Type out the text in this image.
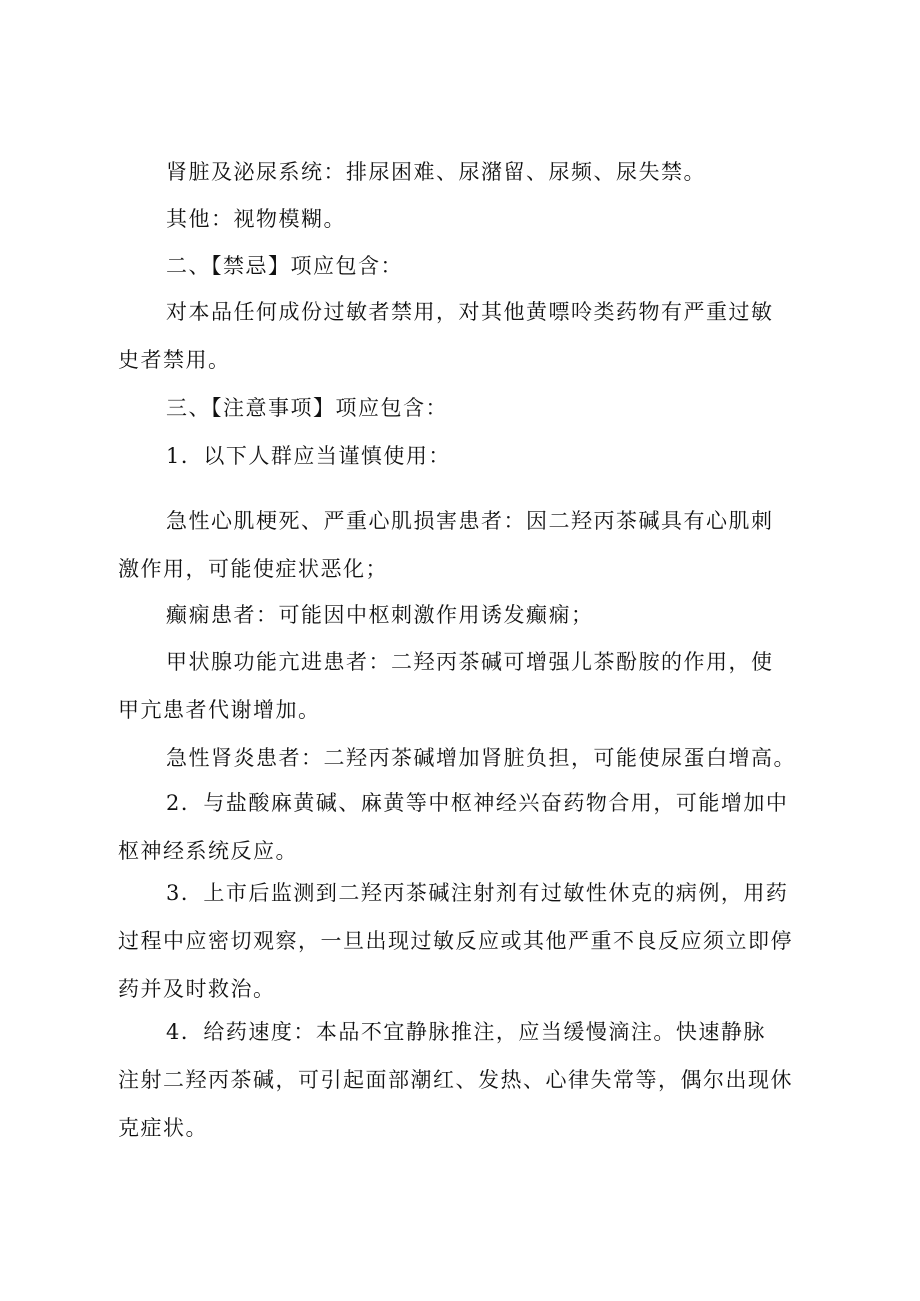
肾脏及泌尿系统：排尿困难、尿潴留、尿频、尿失禁。

其他：视物模糊。

二、【禁忌】项应包含：

对本品任何成份过敏者禁用，对其他黄嘌呤类药物有严重过敏
史者禁用。

三、【注意事项】项应包含：

1．以下人群应当谨慎使用：

急性心肌梗死、严重心肌损害患者：因二羟丙茶碱具有心肌刺
激作用，可能使症状恶化；

癫痫患者：可能因中枢刺激作用诱发癫痫；

甲状腺功能亢进患者：二羟丙茶碱可增强儿茶酚胺的作用，使
甲亢患者代谢增加。

急性肾炎患者：二羟丙茶碱增加肾脏负担，可能使尿蛋白增高。

2．与盐酸麻黄碱、麻黄等中枢神经兴奋药物合用，可能增加中
枢神经系统反应。

3．上市后监测到二羟丙茶碱注射剂有过敏性休克的病例，用药
过程中应密切观察，一旦出现过敏反应或其他严重不良反应须立即停
药并及时救治。

4．给药速度：本品不宜静脉推注，应当缓慢滴注。快速静脉
注射二羟丙茶碱，可引起面部潮红、发热、心律失常等，偶尔出现休
克症状。
